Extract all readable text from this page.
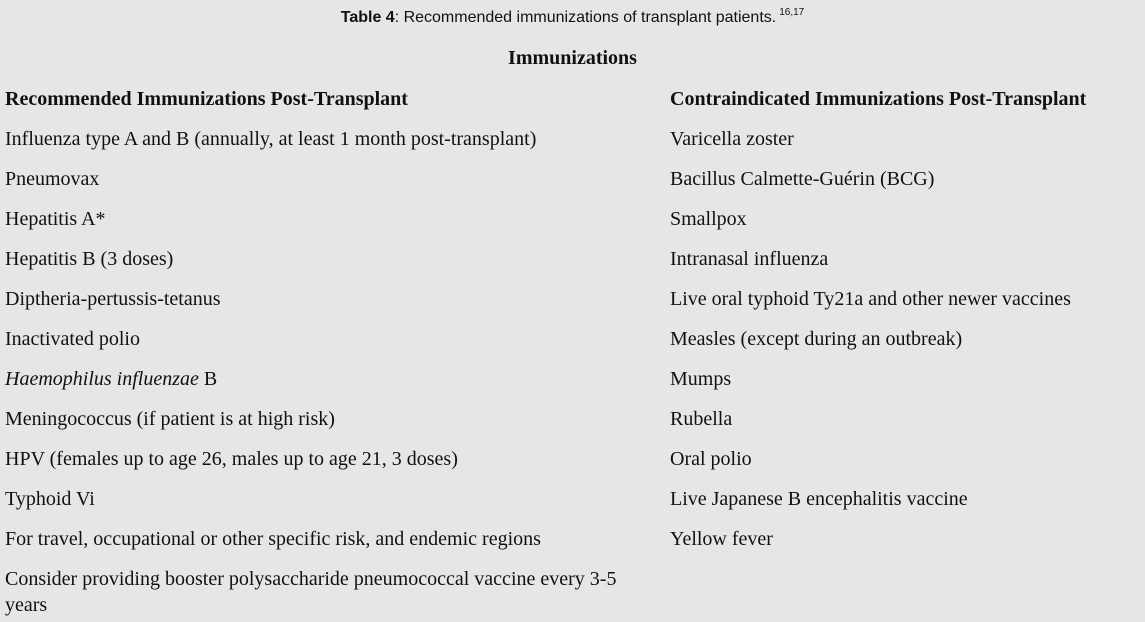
Table 4: Recommended immunizations of transplant patients. $^{16,17}$
Immunizations
Recommended Immunizations Post-Transplant
Influenza type A and B (annually, at least 1 month post-transplant)
Pneumovax
Hepatitis A*
Hepatitis B (3 doses)
Diptheria-pertussis-tetanus
Inactivated polio
Haemophilus influenzae B
Meningococcus (if patient is at high risk)
HPV (females up to age 26, males up to age 21, 3 doses)
Typhoid Vi
For travel, occupational or other specific risk, and endemic regions
Consider providing booster polysaccharide pneumococcal vaccine every 3-5 years
Contraindicated Immunizations Post-Transplant
Varicella zoster
Bacillus Calmette-Guérin (BCG)
Smallpox
Intranasal influenza
Live oral typhoid Ty21a and other newer vaccines
Measles (except during an outbreak)
Mumps
Rubella
Oral polio
Live Japanese B encephalitis vaccine
Yellow fever
